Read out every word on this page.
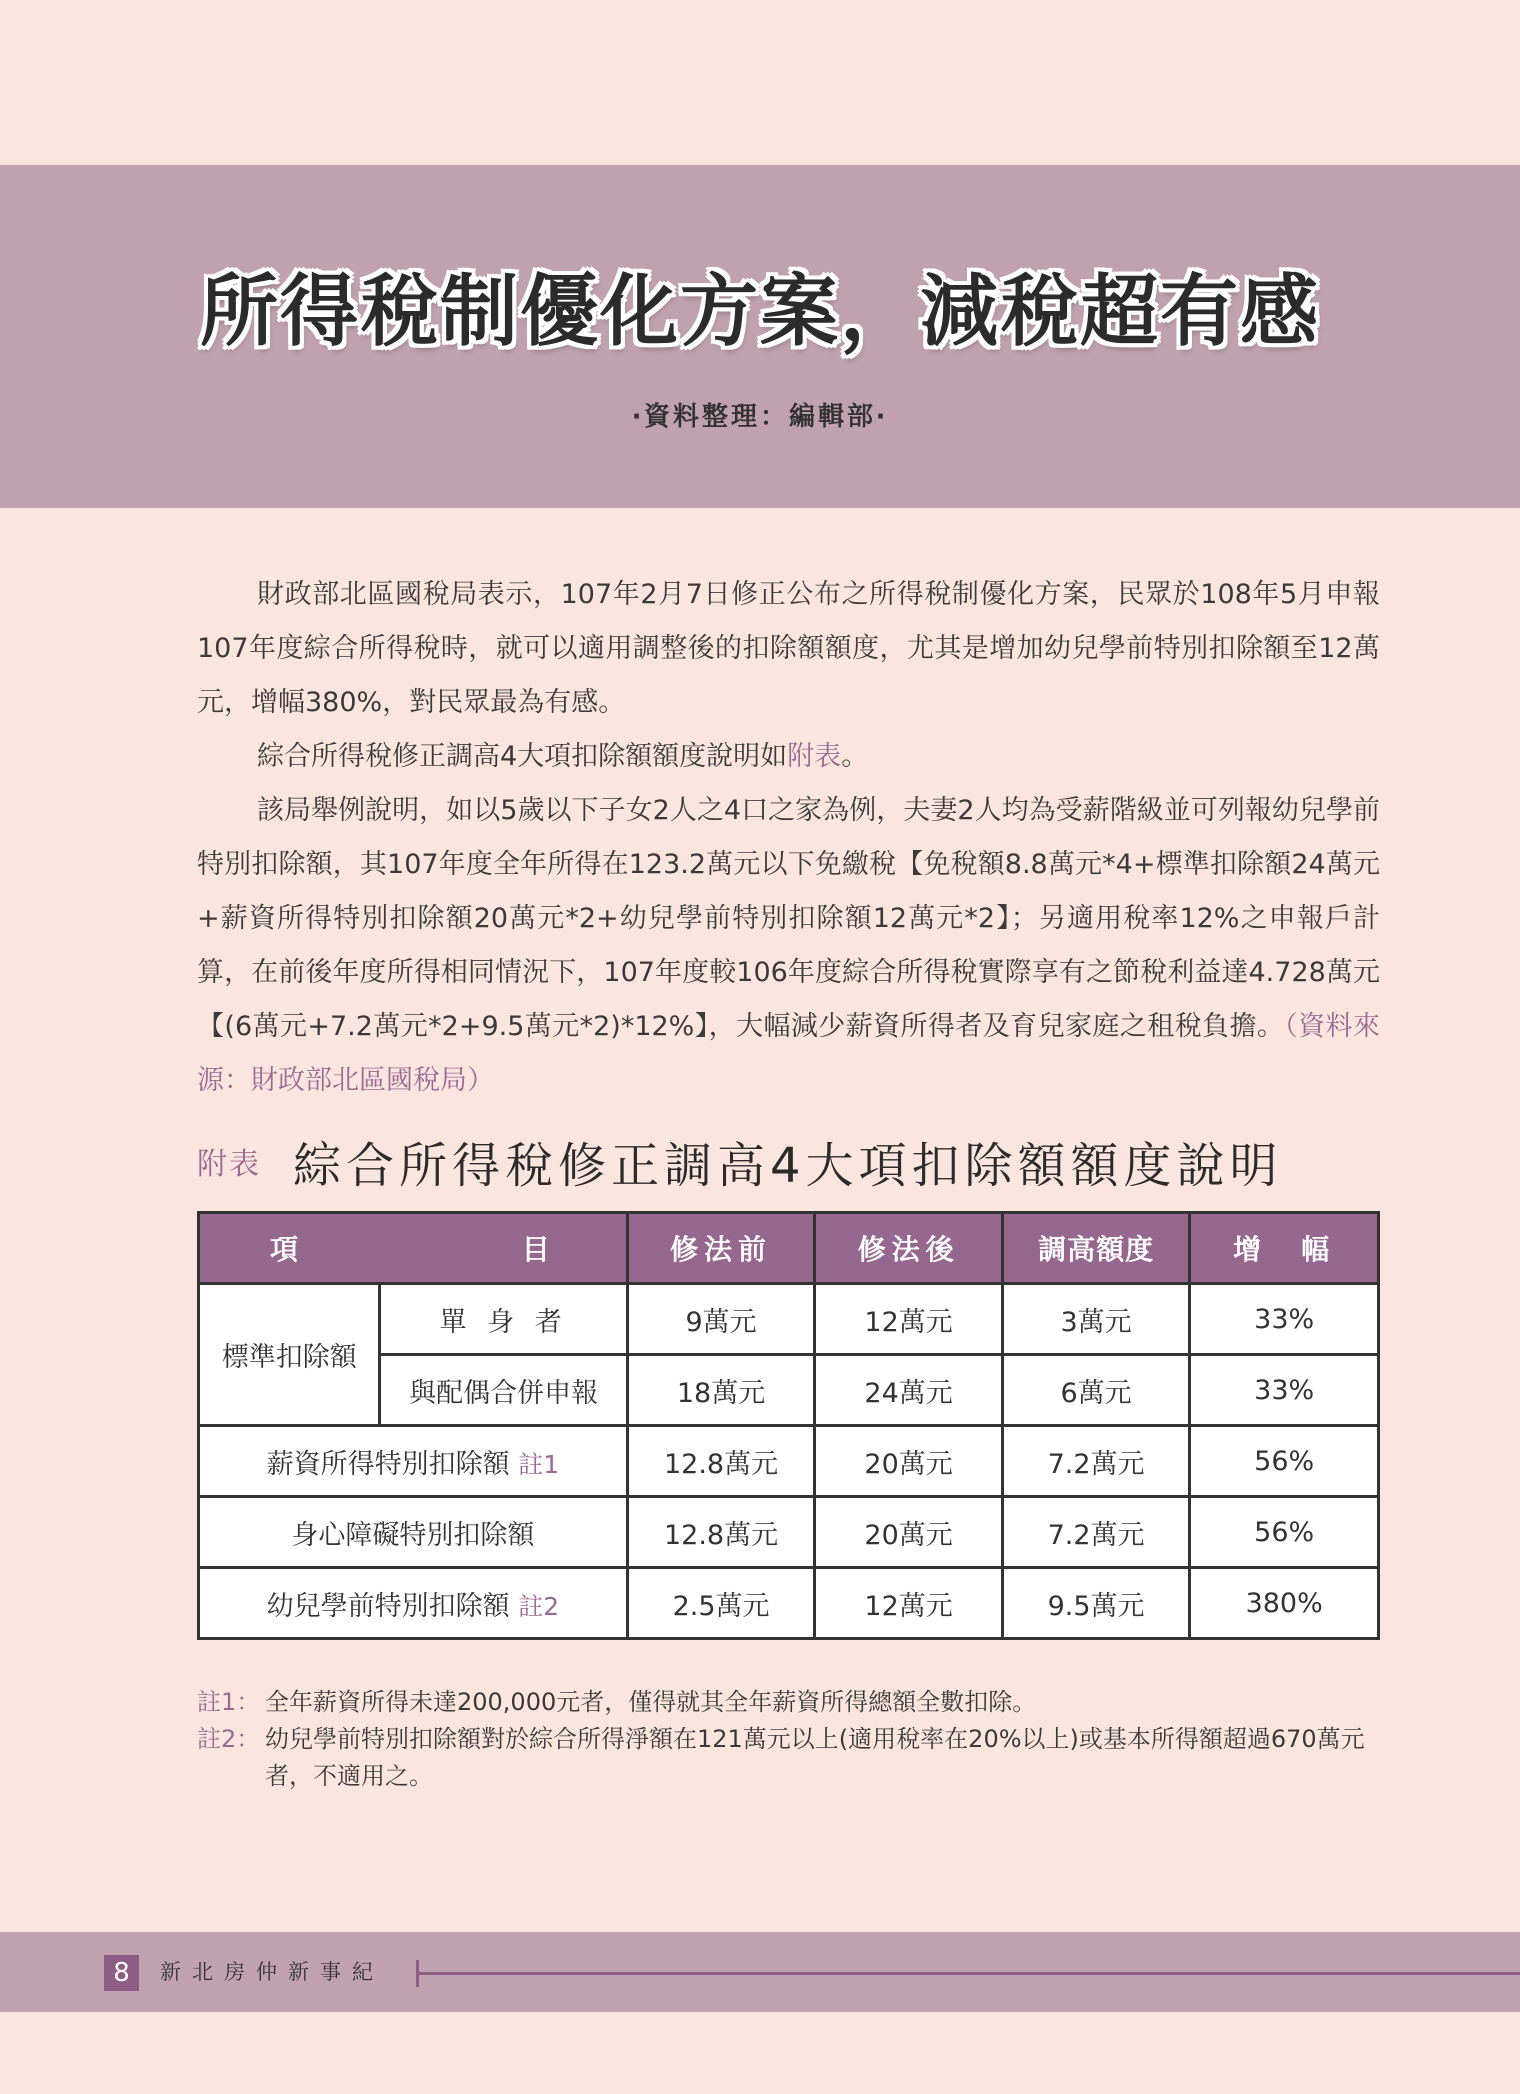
所得稅制優化方案，減稅超有感
‧資料整理：編輯部‧

財政部北區國稅局表示，107年2月7日修正公布之所得稅制優化方案，民眾於108年5月申報107年度綜合所得稅時，就可以適用調整後的扣除額額度，尤其是增加幼兒學前特別扣除額至12萬元，增幅380%，對民眾最為有感。

綜合所得稅修正調高4大項扣除額額度說明如附表。

該局舉例說明，如以5歲以下子女2人之4口之家為例，夫妻2人均為受薪階級並可列報幼兒學前特別扣除額，其107年度全年所得在123.2萬元以下免繳稅【免稅額8.8萬元*4+標準扣除額24萬元+薪資所得特別扣除額20萬元*2+幼兒學前特別扣除額12萬元*2】；另適用稅率12%之申報戶計算，在前後年度所得相同情況下，107年度較106年度綜合所得稅實際享有之節稅利益達4.728萬元【(6萬元+7.2萬元*2+9.5萬元*2)*12%】，大幅減少薪資所得者及育兒家庭之租稅負擔。（資料來源：財政部北區國稅局）

附表 綜合所得稅修正調高4大項扣除額額度說明
項 目		修法前	修法後	調高額度	增　幅
標準扣除額	單 身 者	9萬元	12萬元	3萬元	33%
	與配偶合併申報	18萬元	24萬元	6萬元	33%
薪資所得特別扣除額 註1		12.8萬元	20萬元	7.2萬元	56%
身心障礙特別扣除額		12.8萬元	20萬元	7.2萬元	56%
幼兒學前特別扣除額 註2		2.5萬元	12萬元	9.5萬元	380%
註1： 全年薪資所得未達200,000元者，僅得就其全年薪資所得總額全數扣除。
註2： 幼兒學前特別扣除額對於綜合所得淨額在121萬元以上(適用稅率在20%以上)或基本所得額超過670萬元者，不適用之。
8	新北房仲新事紀
